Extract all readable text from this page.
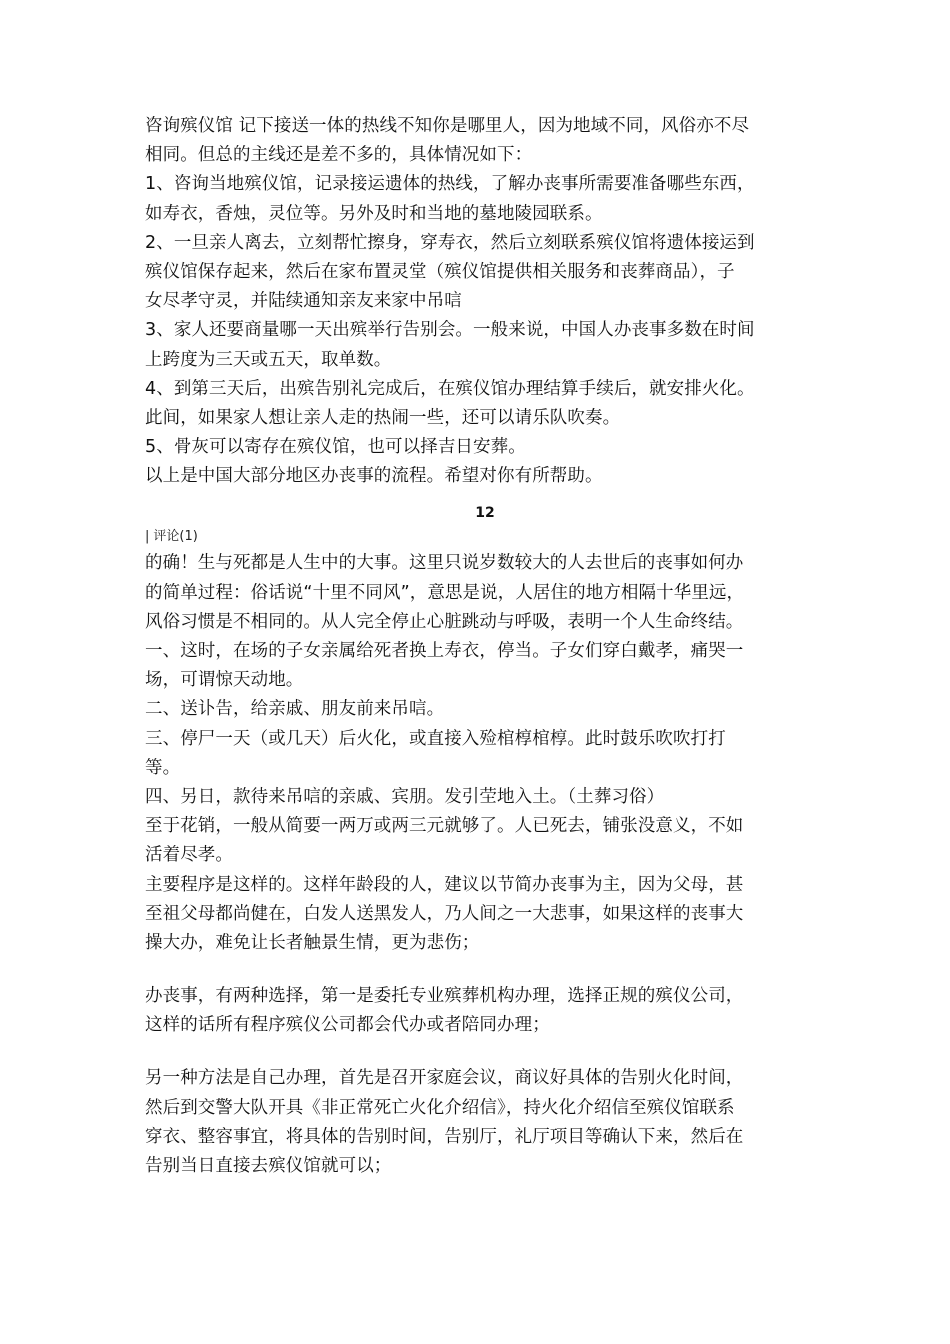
咨询殡仪馆 记下接送一体的热线不知你是哪里人，因为地域不同，风俗亦不尽
相同。但总的主线还是差不多的，具体情况如下：
1、咨询当地殡仪馆，记录接运遗体的热线，了解办丧事所需要准备哪些东西，
如寿衣，香烛，灵位等。另外及时和当地的墓地陵园联系。
2、一旦亲人离去，立刻帮忙擦身，穿寿衣，然后立刻联系殡仪馆将遗体接运到
殡仪馆保存起来，然后在家布置灵堂（殡仪馆提供相关服务和丧葬商品），子
女尽孝守灵，并陆续通知亲友来家中吊唁
3、家人还要商量哪一天出殡举行告别会。一般来说，中国人办丧事多数在时间
上跨度为三天或五天，取单数。
4、到第三天后，出殡告别礼完成后，在殡仪馆办理结算手续后，就安排火化。
此间，如果家人想让亲人走的热闹一些，还可以请乐队吹奏。
5、骨灰可以寄存在殡仪馆，也可以择吉日安葬。
以上是中国大部分地区办丧事的流程。希望对你有所帮助。
12
| 评论(1)
的确！生与死都是人生中的大事。这里只说岁数较大的人去世后的丧事如何办
的简单过程：俗话说“十里不同风”，意思是说，人居住的地方相隔十华里远，
风俗习惯是不相同的。从人完全停止心脏跳动与呼吸，表明一个人生命终结。
一、这时，在场的子女亲属给死者换上寿衣，停当。子女们穿白戴孝，痛哭一
场，可谓惊天动地。
二、送讣告，给亲戚、朋友前来吊唁。
三、停尸一天（或几天）后火化，或直接入殓棺椁棺椁。此时鼓乐吹吹打打
等。
四、另日，款待来吊唁的亲戚、宾朋。发引茔地入土。（土葬习俗）
至于花销，一般从简要一两万或两三元就够了。人已死去，铺张没意义，不如
活着尽孝。
主要程序是这样的。这样年龄段的人，建议以节简办丧事为主，因为父母，甚
至祖父母都尚健在，白发人送黑发人，乃人间之一大悲事，如果这样的丧事大
操大办，难免让长者触景生情，更为悲伤；
办丧事，有两种选择，第一是委托专业殡葬机构办理，选择正规的殡仪公司，
这样的话所有程序殡仪公司都会代办或者陪同办理；
另一种方法是自己办理，首先是召开家庭会议，商议好具体的告别火化时间，
然后到交警大队开具《非正常死亡火化介绍信》，持火化介绍信至殡仪馆联系
穿衣、整容事宜，将具体的告别时间，告别厅，礼厅项目等确认下来，然后在
告别当日直接去殡仪馆就可以；
